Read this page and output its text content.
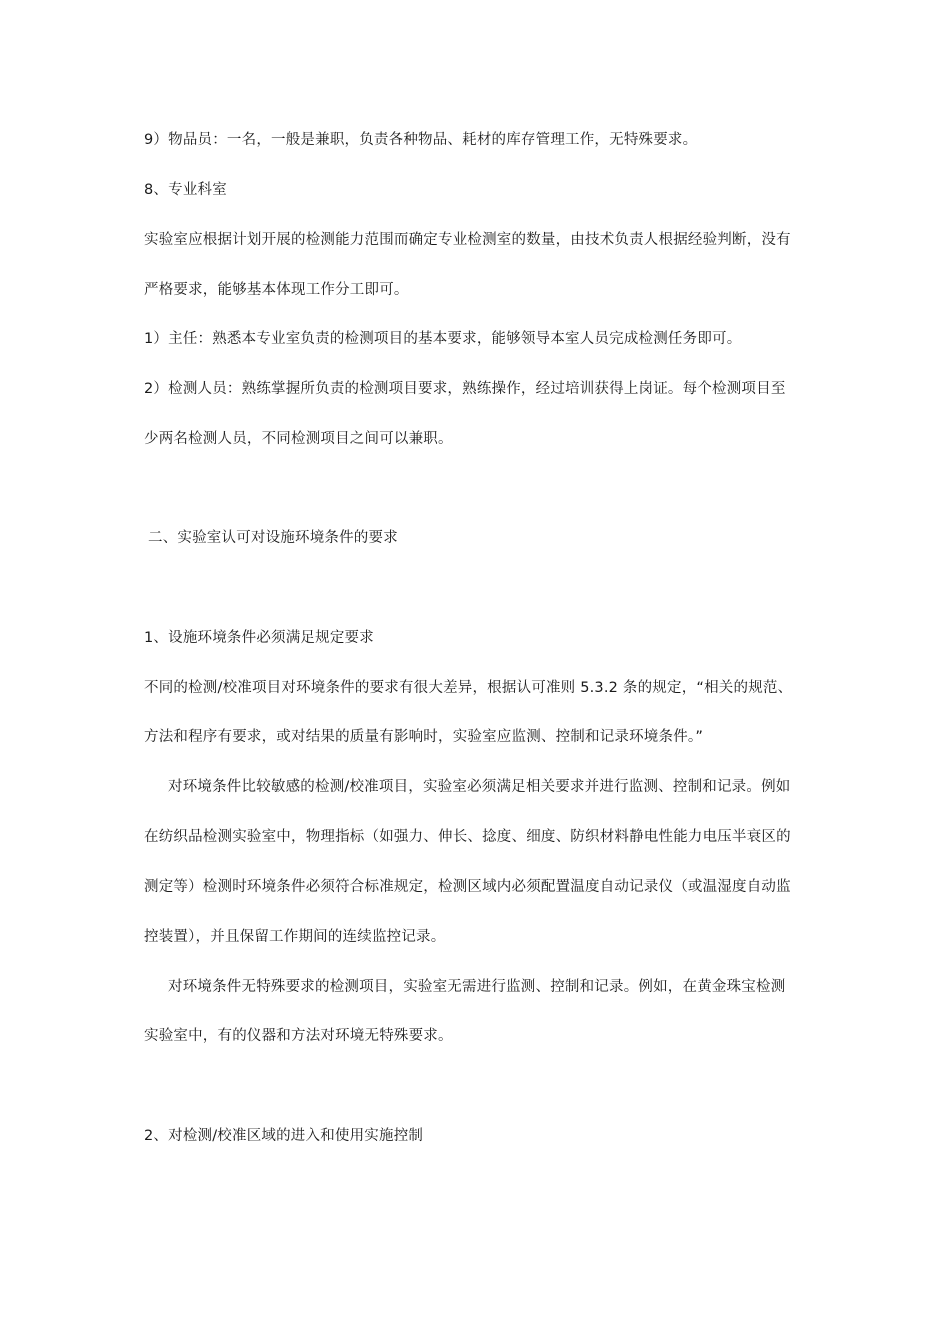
9）物品员：一名，一般是兼职，负责各种物品、耗材的库存管理工作，无特殊要求。
8、专业科室
实验室应根据计划开展的检测能力范围而确定专业检测室的数量，由技术负责人根据经验判断，没有
严格要求，能够基本体现工作分工即可。
1）主任：熟悉本专业室负责的检测项目的基本要求，能够领导本室人员完成检测任务即可。
2）检测人员：熟练掌握所负责的检测项目要求，熟练操作，经过培训获得上岗证。每个检测项目至
少两名检测人员，不同检测项目之间可以兼职。
二、实验室认可对设施环境条件的要求
1、设施环境条件必须满足规定要求
不同的检测/校准项目对环境条件的要求有很大差异，根据认可准则 5.3.2 条的规定，“相关的规范、
方法和程序有要求，或对结果的质量有影响时，实验室应监测、控制和记录环境条件。”
对环境条件比较敏感的检测/校准项目，实验室必须满足相关要求并进行监测、控制和记录。例如
在纺织品检测实验室中，物理指标（如强力、伸长、捻度、细度、防织材料静电性能力电压半衰区的
测定等）检测时环境条件必须符合标准规定，检测区域内必须配置温度自动记录仪（或温湿度自动监
控装置），并且保留工作期间的连续监控记录。
对环境条件无特殊要求的检测项目，实验室无需进行监测、控制和记录。例如，在黄金珠宝检测
实验室中，有的仪器和方法对环境无特殊要求。
2、对检测/校准区域的进入和使用实施控制
